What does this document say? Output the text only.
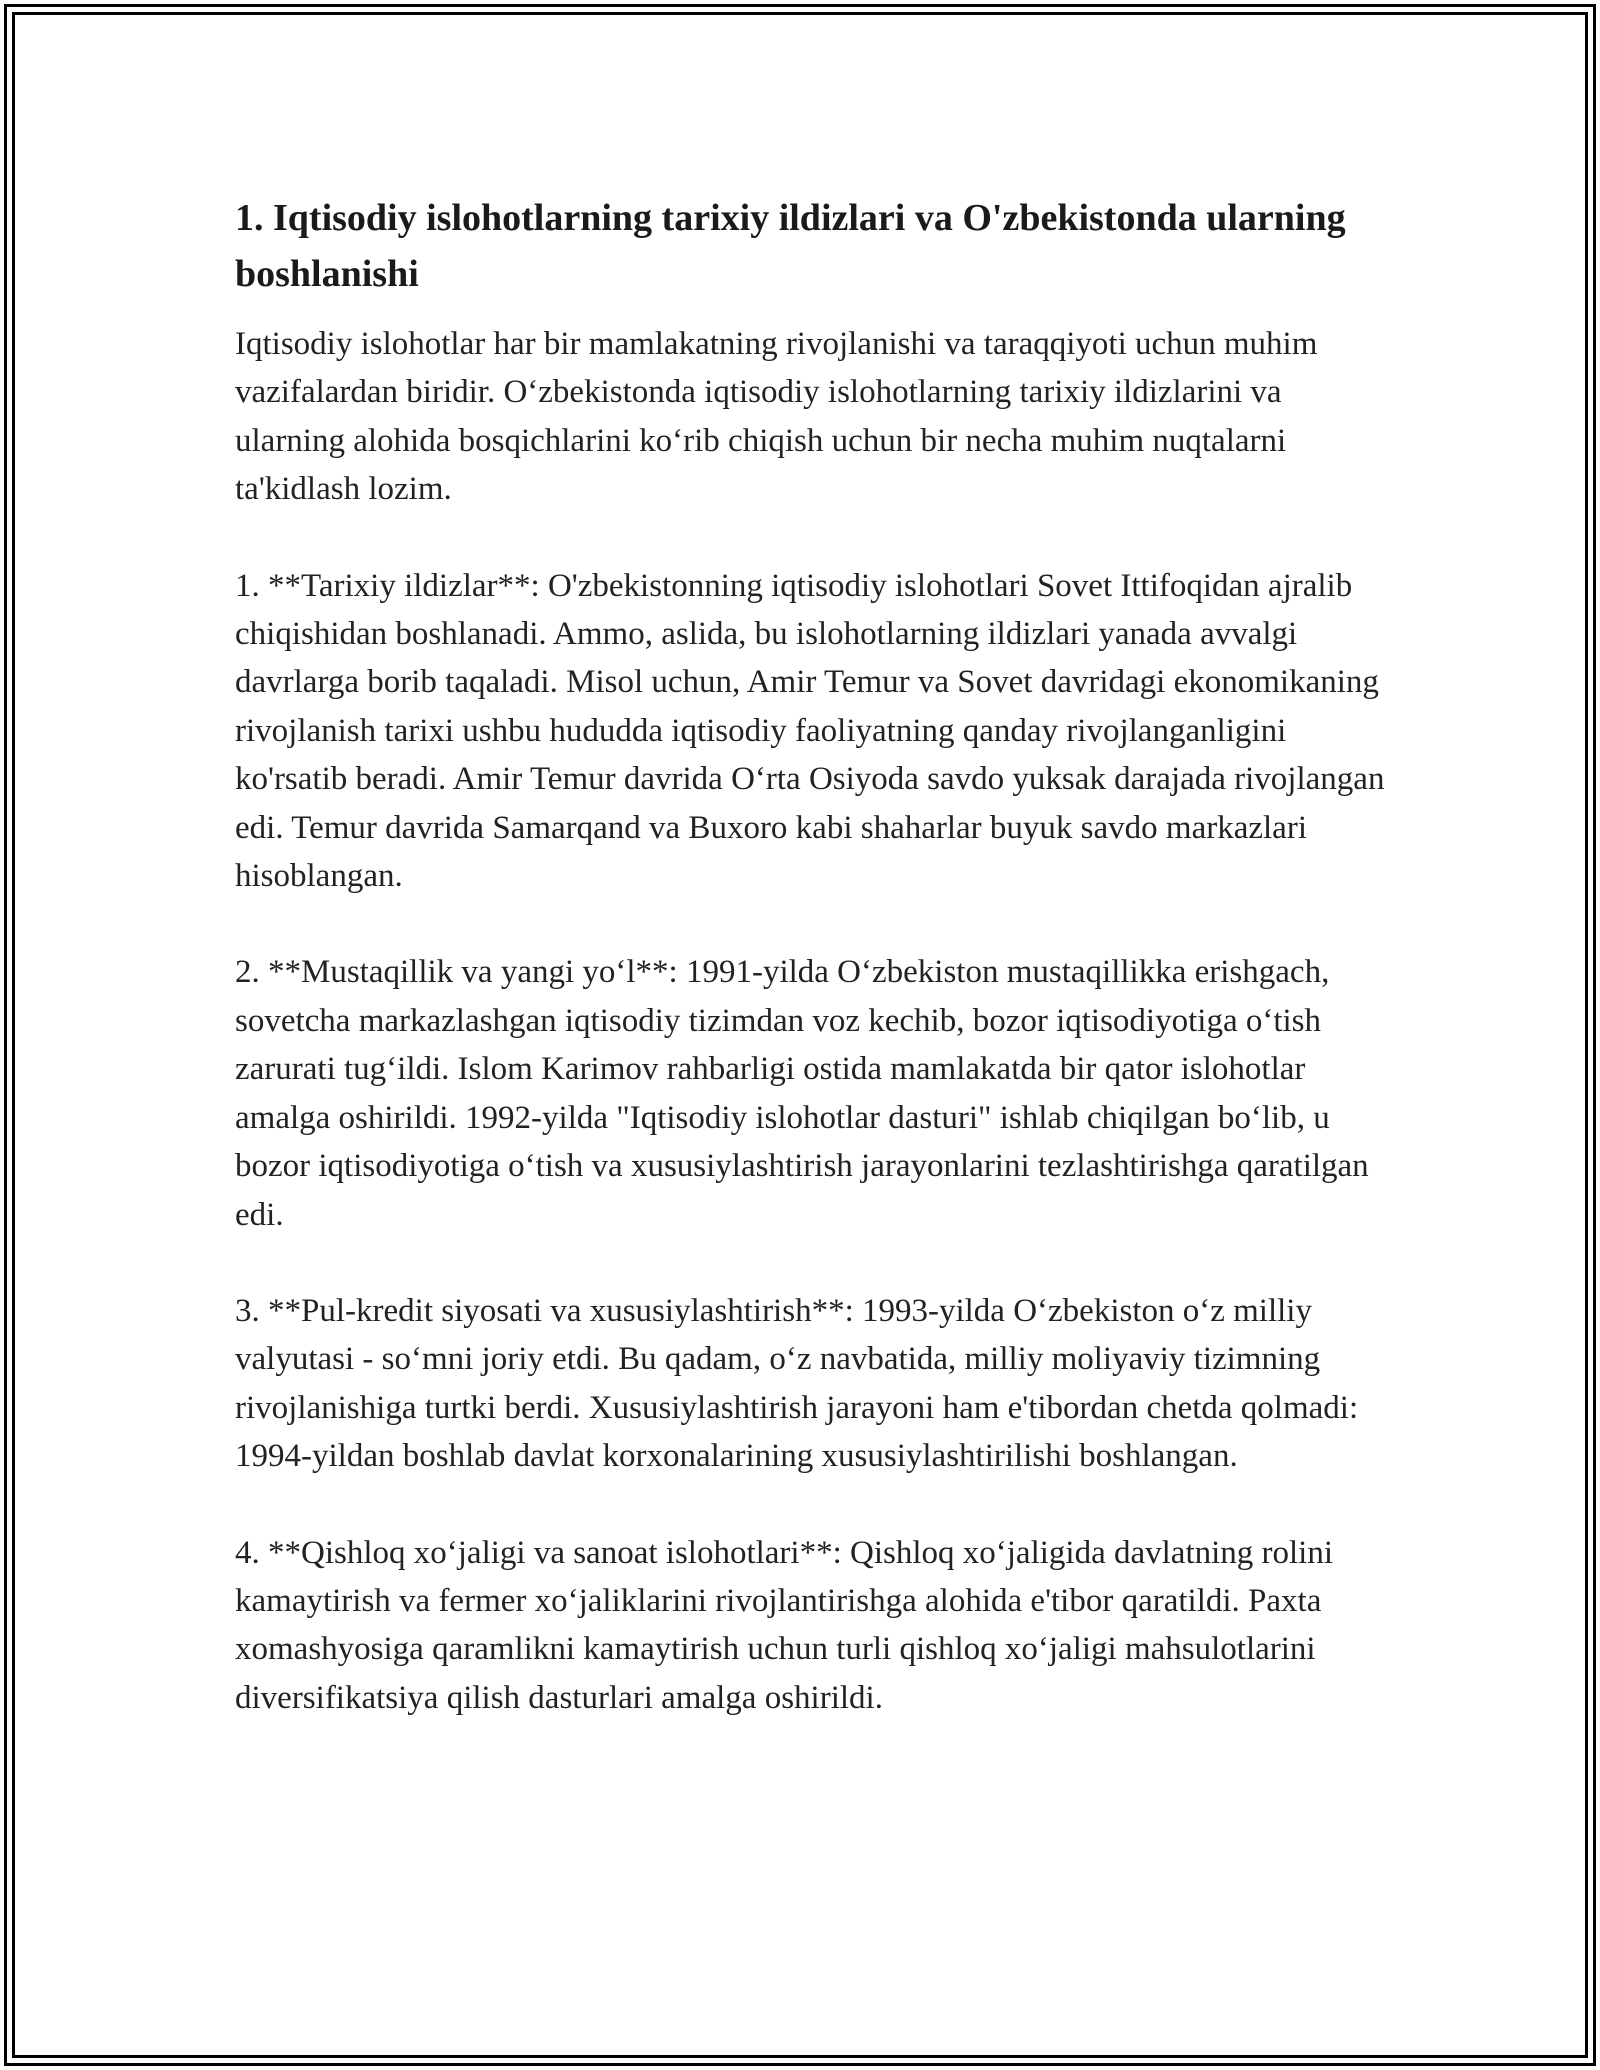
1. Iqtisodiy islohotlarning tarixiy ildizlari va O'zbekistonda ularning boshlanishi

Iqtisodiy islohotlar har bir mamlakatning rivojlanishi va taraqqiyoti uchun muhim vazifalardan biridir. O‘zbekistonda iqtisodiy islohotlarning tarixiy ildizlarini va ularning alohida bosqichlarini ko‘rib chiqish uchun bir necha muhim nuqtalarni ta'kidlash lozim.

1. **Tarixiy ildizlar**: O'zbekistonning iqtisodiy islohotlari Sovet Ittifoqidan ajralib chiqishidan boshlanadi. Ammo, aslida, bu islohotlarning ildizlari yanada avvalgi davrlarga borib taqaladi. Misol uchun, Amir Temur va Sovet davridagi ekonomikaning rivojlanish tarixi ushbu hududda iqtisodiy faoliyatning qanday rivojlanganligini ko'rsatib beradi. Amir Temur davrida O‘rta Osiyoda savdo yuksak darajada rivojlangan edi. Temur davrida Samarqand va Buxoro kabi shaharlar buyuk savdo markazlari hisoblangan.

2. **Mustaqillik va yangi yo‘l**: 1991-yilda O‘zbekiston mustaqillikka erishgach, sovetcha markazlashgan iqtisodiy tizimdan voz kechib, bozor iqtisodiyotiga o‘tish zarurati tug‘ildi. Islom Karimov rahbarligi ostida mamlakatda bir qator islohotlar amalga oshirildi. 1992-yilda "Iqtisodiy islohotlar dasturi" ishlab chiqilgan bo‘lib, u bozor iqtisodiyotiga o‘tish va xususiylashtirish jarayonlarini tezlashtirishga qaratilgan edi.

3. **Pul-kredit siyosati va xususiylashtirish**: 1993-yilda O‘zbekiston o‘z milliy valyutasi - so‘mni joriy etdi. Bu qadam, o‘z navbatida, milliy moliyaviy tizimning rivojlanishiga turtki berdi. Xususiylashtirish jarayoni ham e'tibordan chetda qolmadi: 1994-yildan boshlab davlat korxonalarining xususiylashtirilishi boshlangan.

4. **Qishloq xo‘jaligi va sanoat islohotlari**: Qishloq xo‘jaligida davlatning rolini kamaytirish va fermer xo‘jaliklarini rivojlantirishga alohida e'tibor qaratildi. Paxta xomashyosiga qaramlikni kamaytirish uchun turli qishloq xo‘jaligi mahsulotlarini diversifikatsiya qilish dasturlari amalga oshirildi.
